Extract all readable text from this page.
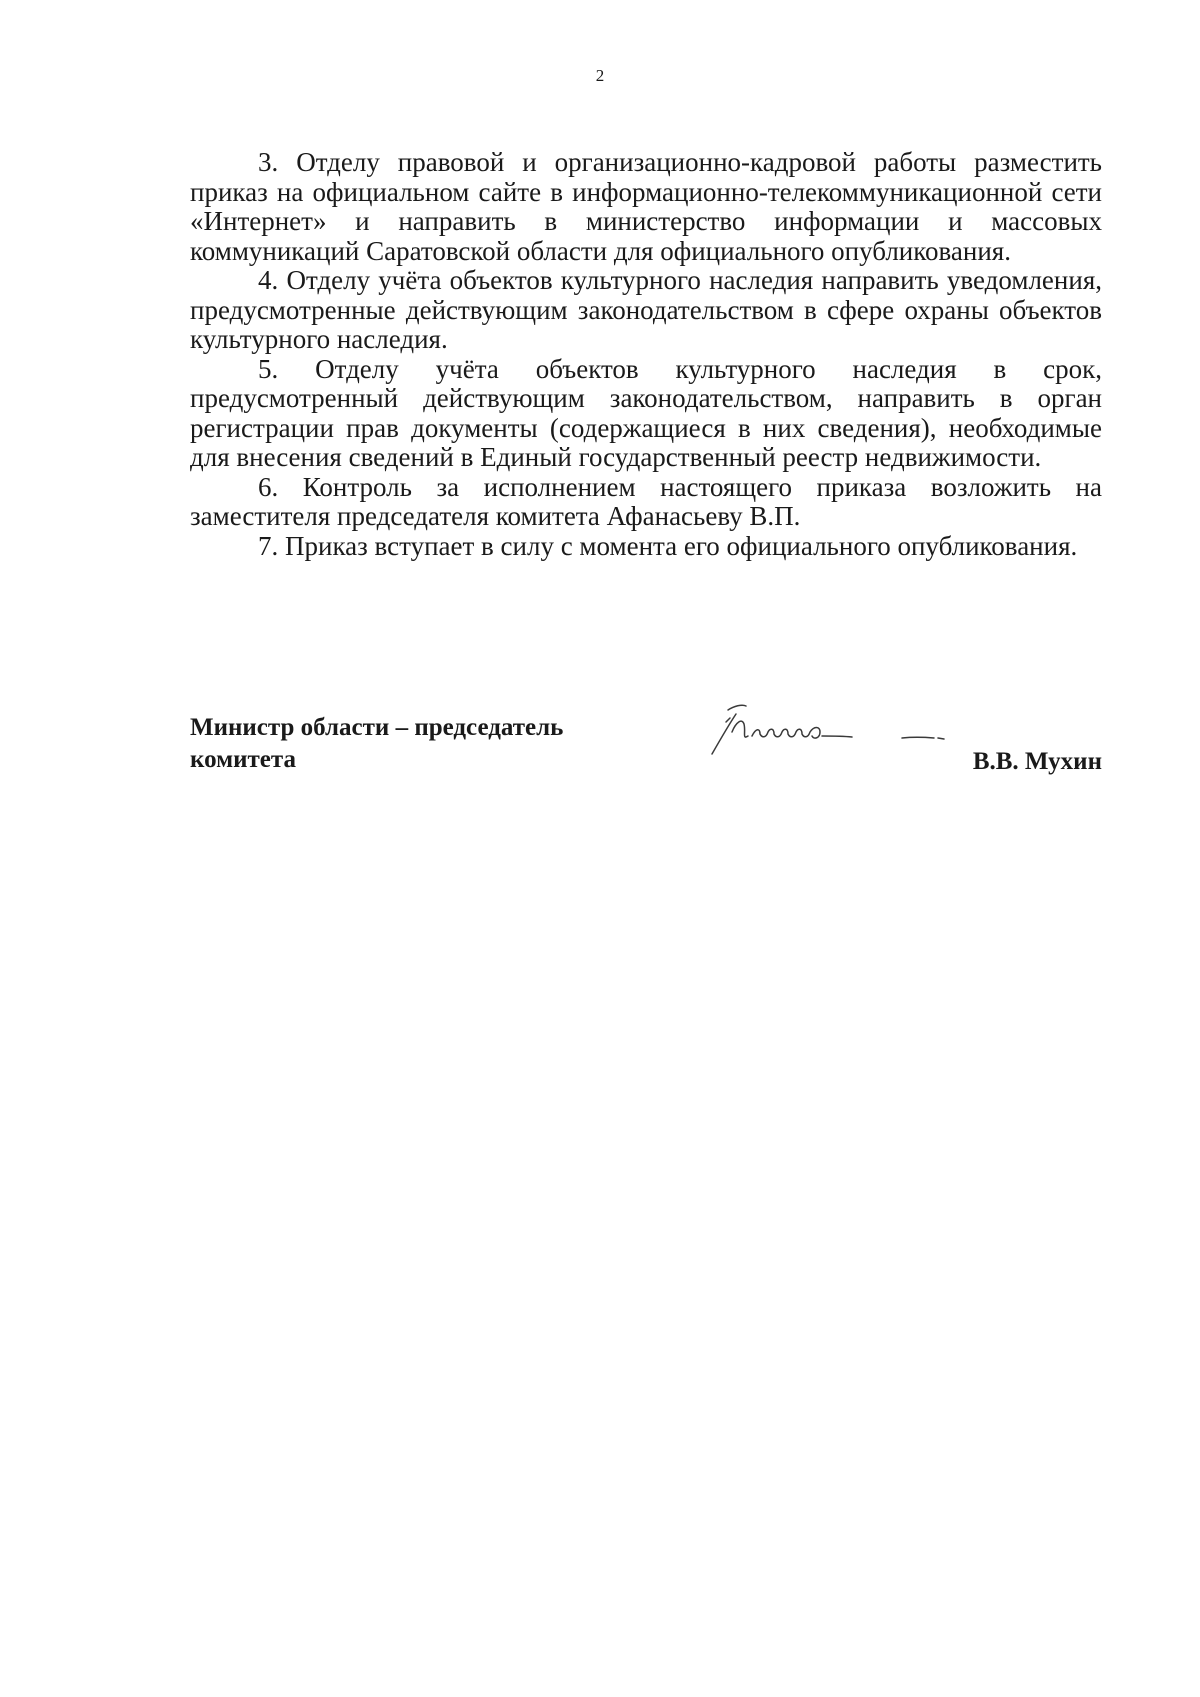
2

3. Отделу правовой и организационно-кадровой работы разместить приказ на официальном сайте в информационно-телекоммуникационной сети «Интернет» и направить в министерство информации и массовых коммуникаций Саратовской области для официального опубликования.

4. Отделу учёта объектов культурного наследия направить уведомления, предусмотренные действующим законодательством в сфере охраны объектов культурного наследия.

5. Отделу учёта объектов культурного наследия в срок, предусмотренный действующим законодательством, направить в орган регистрации прав документы (содержащиеся в них сведения), необходимые для внесения сведений в Единый государственный реестр недвижимости.

6. Контроль за исполнением настоящего приказа возложить на заместителя председателя комитета Афанасьеву В.П.

7. Приказ вступает в силу с момента его официального опубликования.

Министр области – председатель
комитета	В.В. Мухин
